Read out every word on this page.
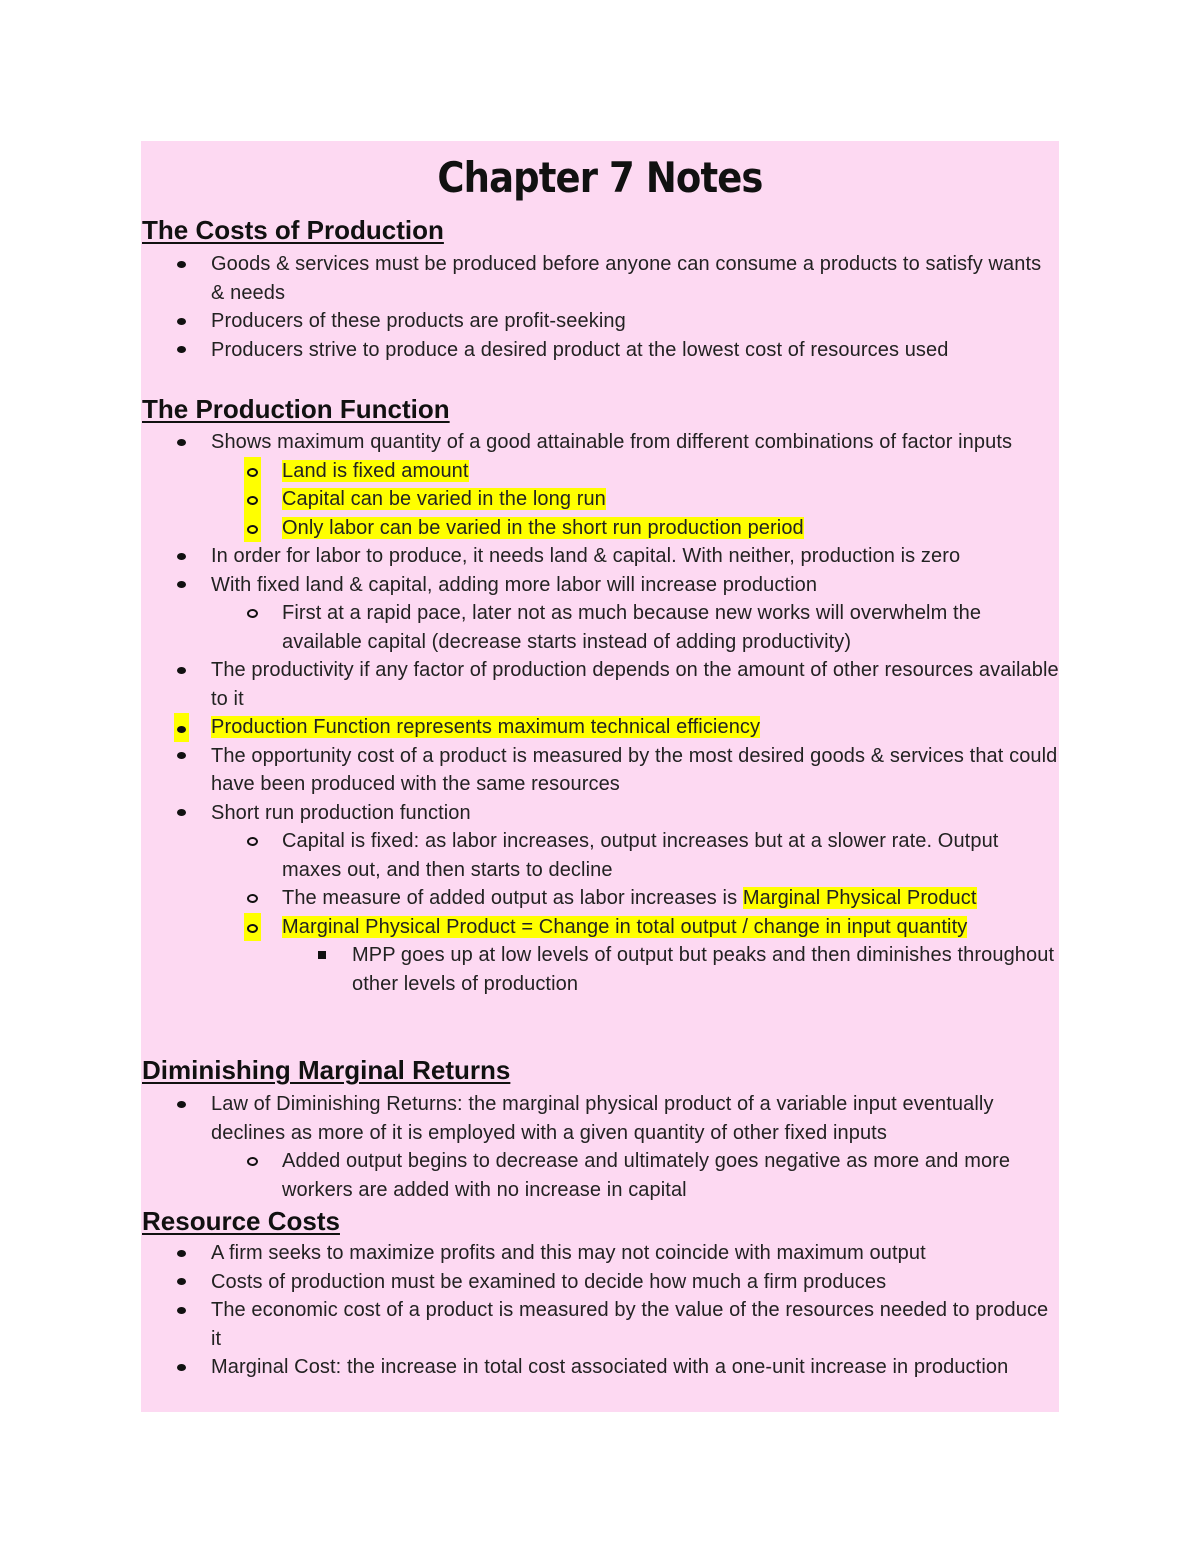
Chapter 7 Notes
The Costs of Production
Goods & services must be produced before anyone can consume a products to satisfy wants & needs
Producers of these products are profit-seeking
Producers strive to produce a desired product at the lowest cost of resources used
The Production Function
Shows maximum quantity of a good attainable from different combinations of factor inputs
Land is fixed amount
Capital can be varied in the long run
Only labor can be varied in the short run production period
In order for labor to produce, it needs land & capital. With neither, production is zero
With fixed land & capital, adding more labor will increase production
First at a rapid pace, later not as much because new works will overwhelm the available capital (decrease starts instead of adding productivity)
The productivity if any factor of production depends on the amount of other resources available to it
Production Function represents maximum technical efficiency
The opportunity cost of a product is measured by the most desired goods & services that could have been produced with the same resources
Short run production function
Capital is fixed: as labor increases, output increases but at a slower rate. Output maxes out, and then starts to decline
The measure of added output as labor increases is Marginal Physical Product
Marginal Physical Product = Change in total output / change in input quantity
MPP goes up at low levels of output but peaks and then diminishes throughout other levels of production
Diminishing Marginal Returns
Law of Diminishing Returns: the marginal physical product of a variable input eventually declines as more of it is employed with a given quantity of other fixed inputs
Added output begins to decrease and ultimately goes negative as more and more workers are added with no increase in capital
Resource Costs
A firm seeks to maximize profits and this may not coincide with maximum output
Costs of production must be examined to decide how much a firm produces
The economic cost of a product is measured by the value of the resources needed to produce it
Marginal Cost: the increase in total cost associated with a one-unit increase in production
